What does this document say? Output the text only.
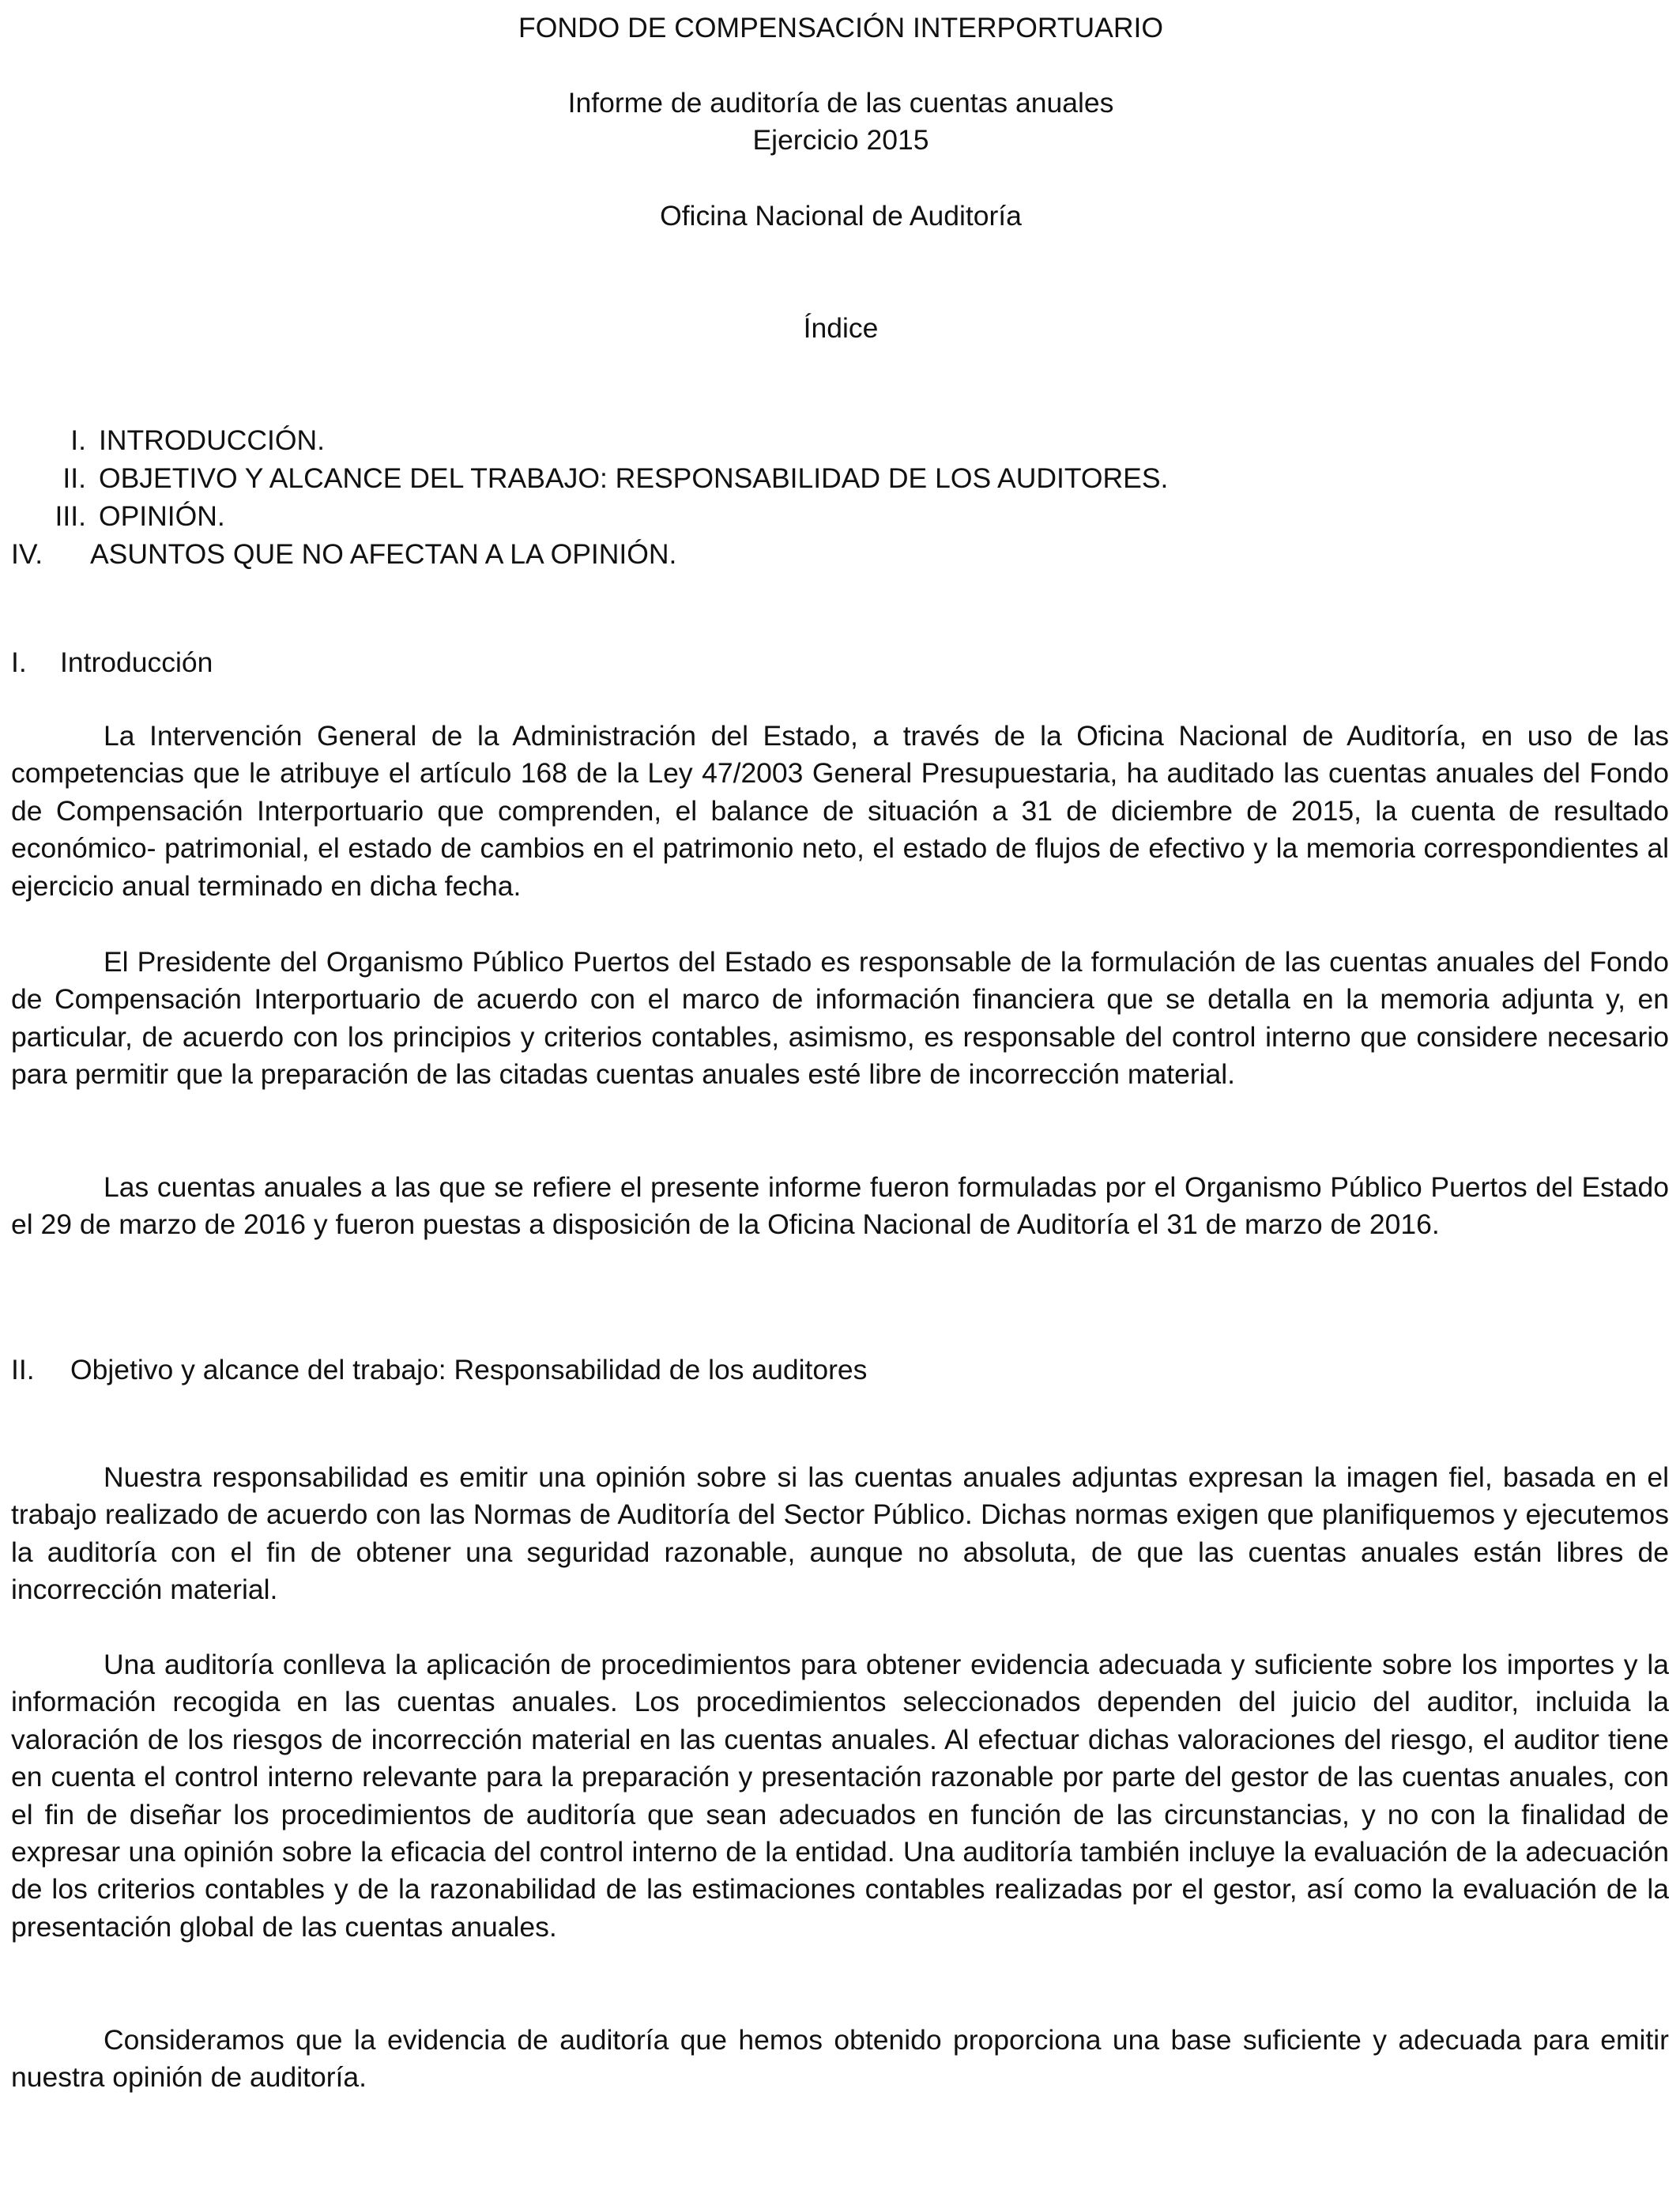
FONDO DE COMPENSACIÓN INTERPORTUARIO
Informe de auditoría de las cuentas anuales
Ejercicio 2015
Oficina Nacional de Auditoría
Índice
I. INTRODUCCIÓN.
II. OBJETIVO Y ALCANCE DEL TRABAJO: RESPONSABILIDAD DE LOS AUDITORES.
III. OPINIÓN.
IV. ASUNTOS QUE NO AFECTAN A LA OPINIÓN.
I. Introducción

La Intervención General de la Administración del Estado, a través de la Oficina Nacional de Auditoría, en uso de las competencias que le atribuye el artículo 168 de la Ley 47/2003 General Presupuestaria, ha auditado las cuentas anuales del Fondo de Compensación Interportuario que comprenden, el balance de situación a 31 de diciembre de 2015, la cuenta de resultado económico- patrimonial, el estado de cambios en el patrimonio neto, el estado de flujos de efectivo y la memoria correspondientes al ejercicio anual terminado en dicha fecha.

El Presidente del Organismo Público Puertos del Estado es responsable de la formulación de las cuentas anuales del Fondo de Compensación Interportuario de acuerdo con el marco de información financiera que se detalla en la memoria adjunta y, en particular, de acuerdo con los principios y criterios contables, asimismo, es responsable del control interno que considere necesario para permitir que la preparación de las citadas cuentas anuales esté libre de incorrección material.

Las cuentas anuales a las que se refiere el presente informe fueron formuladas por el Organismo Público Puertos del Estado el 29 de marzo de 2016 y fueron puestas a disposición de la Oficina Nacional de Auditoría el 31 de marzo de 2016.

II. Objetivo y alcance del trabajo: Responsabilidad de los auditores

Nuestra responsabilidad es emitir una opinión sobre si las cuentas anuales adjuntas expresan la imagen fiel, basada en el trabajo realizado de acuerdo con las Normas de Auditoría del Sector Público. Dichas normas exigen que planifiquemos y ejecutemos la auditoría con el fin de obtener una seguridad razonable, aunque no absoluta, de que las cuentas anuales están libres de incorrección material.

Una auditoría conlleva la aplicación de procedimientos para obtener evidencia adecuada y suficiente sobre los importes y la información recogida en las cuentas anuales. Los procedimientos seleccionados dependen del juicio del auditor, incluida la valoración de los riesgos de incorrección material en las cuentas anuales. Al efectuar dichas valoraciones del riesgo, el auditor tiene en cuenta el control interno relevante para la preparación y presentación razonable por parte del gestor de las cuentas anuales, con el fin de diseñar los procedimientos de auditoría que sean adecuados en función de las circunstancias, y no con la finalidad de expresar una opinión sobre la eficacia del control interno de la entidad. Una auditoría también incluye la evaluación de la adecuación de los criterios contables y de la razonabilidad de las estimaciones contables realizadas por el gestor, así como la evaluación de la presentación global de las cuentas anuales.

Consideramos que la evidencia de auditoría que hemos obtenido proporciona una base suficiente y adecuada para emitir nuestra opinión de auditoría.
